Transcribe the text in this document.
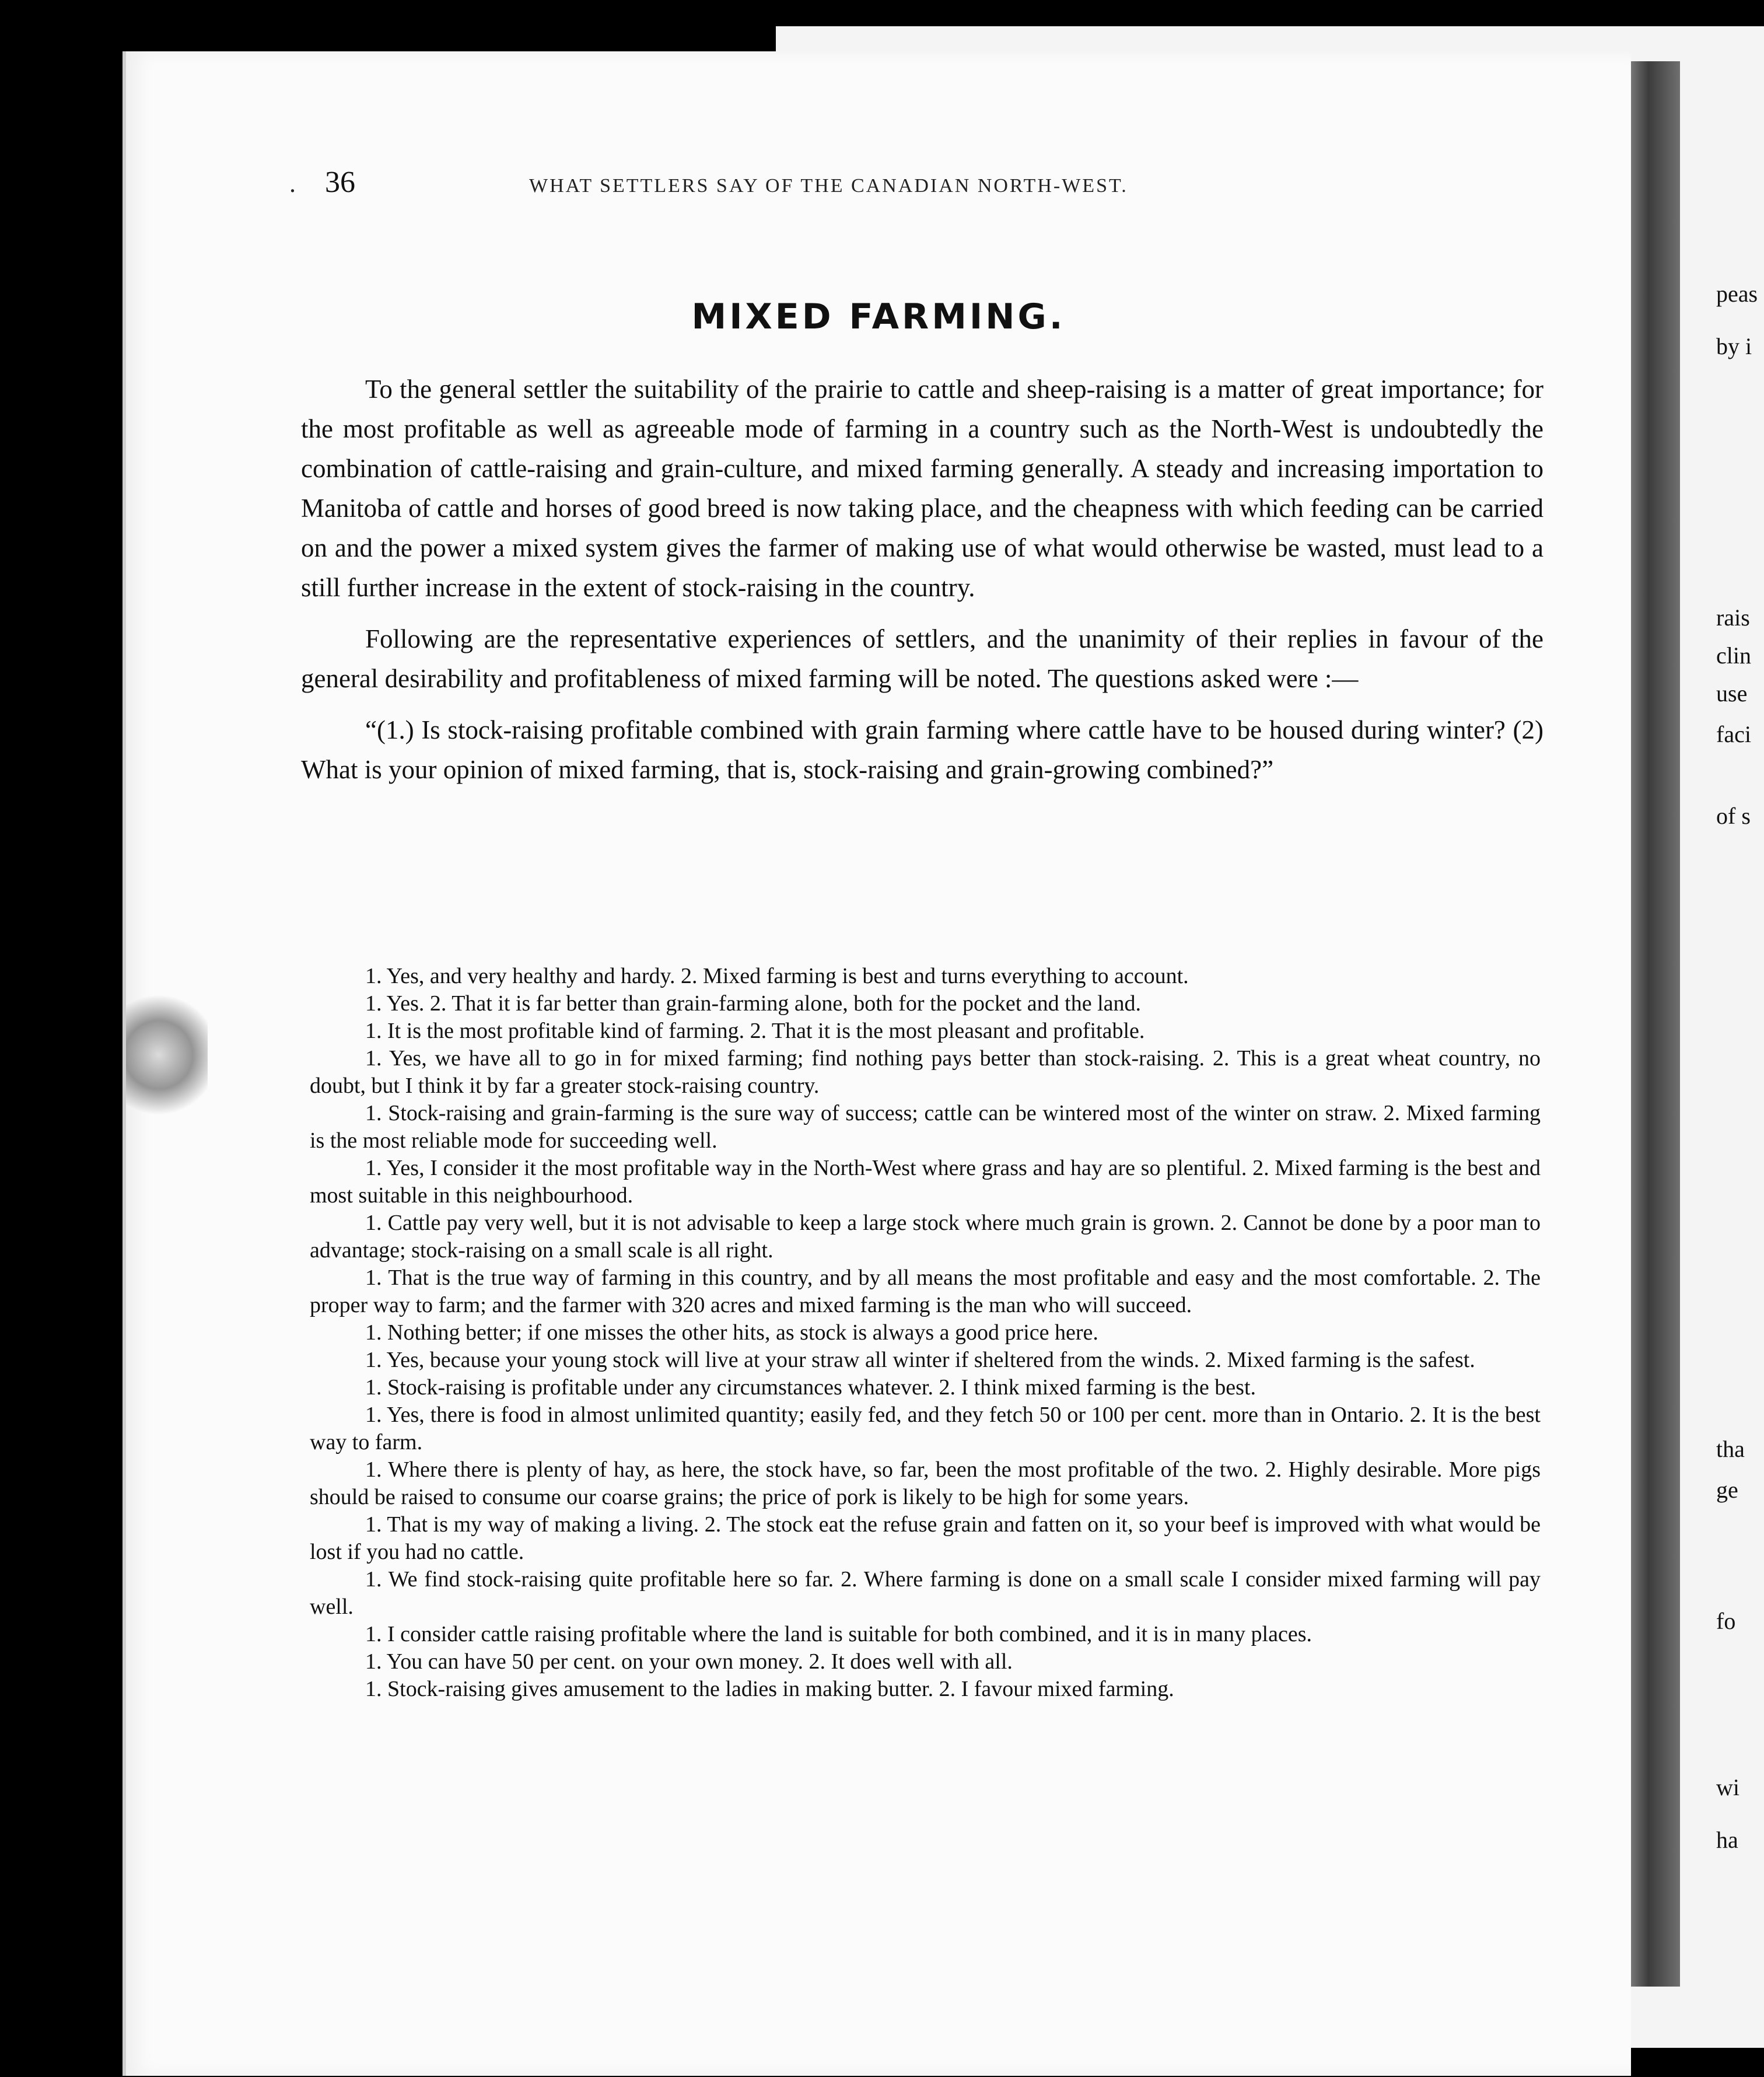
peas
by i
rais
clin
use
faci
of s
tha
ge
fo
wi
ha
. 36	WHAT SETTLERS SAY OF THE CANADIAN NORTH-WEST.
MIXED FARMING.

To the general settler the suitability of the prairie to cattle and sheep-raising is a matter of great importance; for the most profitable as well as agreeable mode of farming in a country such as the North-West is undoubtedly the combination of cattle-raising and grain-culture, and mixed farming generally. A steady and increasing importation to Manitoba of cattle and horses of good breed is now taking place, and the cheapness with which feeding can be carried on and the power a mixed system gives the farmer of making use of what would otherwise be wasted, must lead to a still further increase in the extent of stock-raising in the country.

Following are the representative experiences of settlers, and the unanimity of their replies in favour of the general desirability and profitableness of mixed farming will be noted. The questions asked were :—

“(1.) Is stock-raising profitable combined with grain farming where cattle have to be housed during winter? (2) What is your opinion of mixed farming, that is, stock-raising and grain-growing combined?”

1. Yes, and very healthy and hardy. 2. Mixed farming is best and turns everything to account.
1. Yes. 2. That it is far better than grain-farming alone, both for the pocket and the land.
1. It is the most profitable kind of farming. 2. That it is the most pleasant and profitable.
1. Yes, we have all to go in for mixed farming; find nothing pays better than stock-raising. 2. This is a great wheat country, no doubt, but I think it by far a greater stock-raising country.
1. Stock-raising and grain-farming is the sure way of success; cattle can be wintered most of the winter on straw. 2. Mixed farming is the most reliable mode for succeeding well.
1. Yes, I consider it the most profitable way in the North-West where grass and hay are so plentiful. 2. Mixed farming is the best and most suitable in this neighbourhood.
1. Cattle pay very well, but it is not advisable to keep a large stock where much grain is grown. 2. Cannot be done by a poor man to advantage; stock-raising on a small scale is all right.
1. That is the true way of farming in this country, and by all means the most profitable and easy and the most comfortable. 2. The proper way to farm; and the farmer with 320 acres and mixed farming is the man who will succeed.
1. Nothing better; if one misses the other hits, as stock is always a good price here.
1. Yes, because your young stock will live at your straw all winter if sheltered from the winds. 2. Mixed farming is the safest.
1. Stock-raising is profitable under any circumstances whatever. 2. I think mixed farming is the best.
1. Yes, there is food in almost unlimited quantity; easily fed, and they fetch 50 or 100 per cent. more than in Ontario. 2. It is the best way to farm.
1. Where there is plenty of hay, as here, the stock have, so far, been the most profitable of the two. 2. Highly desirable. More pigs should be raised to consume our coarse grains; the price of pork is likely to be high for some years.
1. That is my way of making a living. 2. The stock eat the refuse grain and fatten on it, so your beef is improved with what would be lost if you had no cattle.
1. We find stock-raising quite profitable here so far. 2. Where farming is done on a small scale I consider mixed farming will pay well.
1. I consider cattle raising profitable where the land is suitable for both combined, and it is in many places.
1. You can have 50 per cent. on your own money. 2. It does well with all.
1. Stock-raising gives amusement to the ladies in making butter. 2. I favour mixed farming.
